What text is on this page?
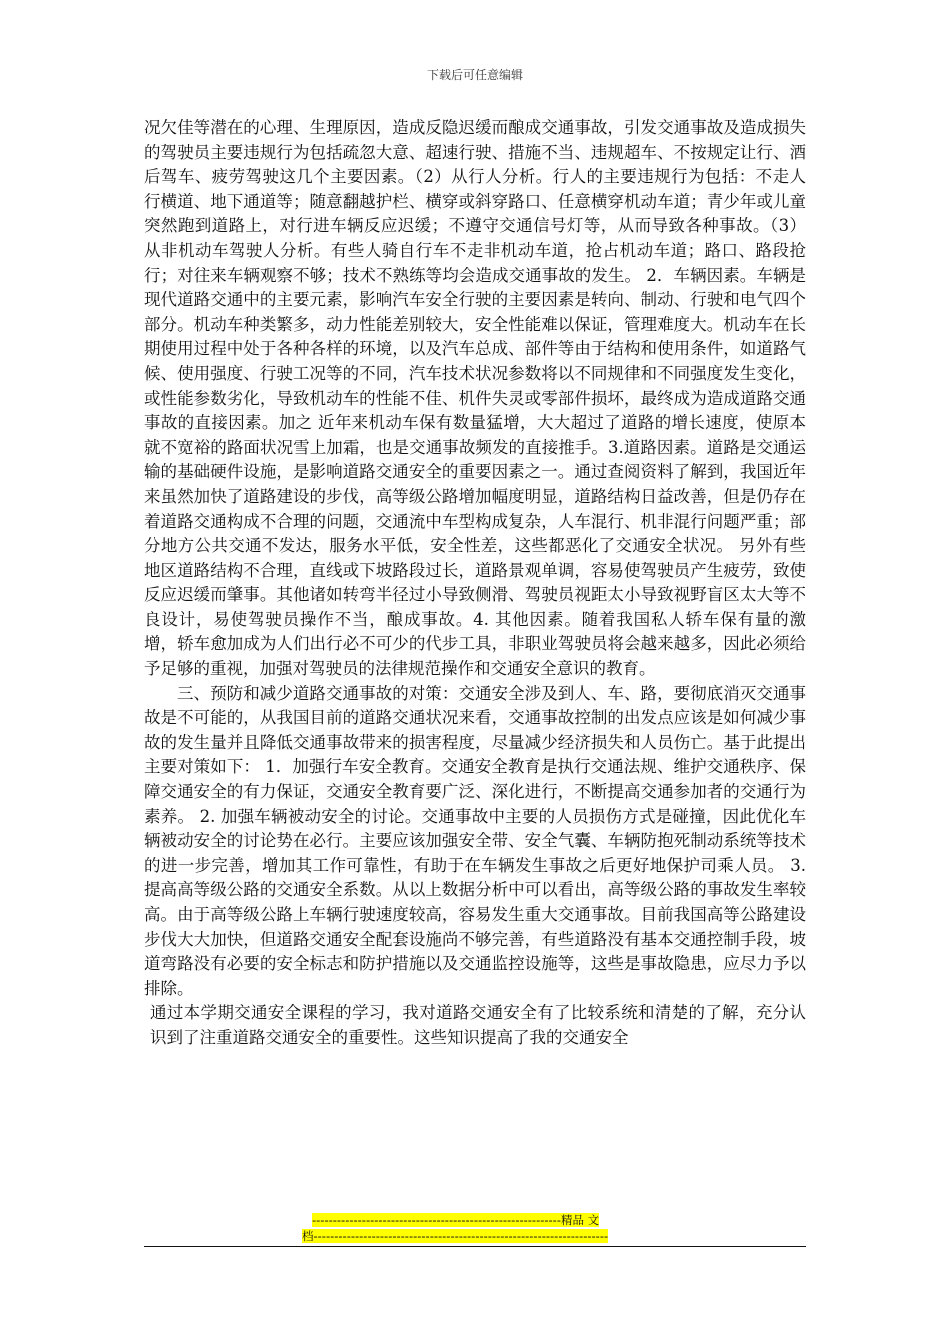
下载后可任意编辑

况欠佳等潜在的心理、生理原因，造成反隐迟缓而酿成交通事故，引发交通事故及造成损失的驾驶员主要违规行为包括疏忽大意、超速行驶、措施不当、违规超车、不按规定让行、酒后驾车、疲劳驾驶这几个主要因素。（2）从行人分析。行人的主要违规行为包括：不走人行横道、地下通道等；随意翻越护栏、横穿或斜穿路口、任意横穿机动车道；青少年或儿童突然跑到道路上，对行进车辆反应迟缓；不遵守交通信号灯等，从而导致各种事故。（3）从非机动车驾驶人分析。有些人骑自行车不走非机动车道，抢占机动车道；路口、路段抢行；对往来车辆观察不够；技术不熟练等均会造成交通事故的发生。 2．车辆因素。车辆是现代道路交通中的主要元素，影响汽车安全行驶的主要因素是转向、制动、行驶和电气四个部分。机动车种类繁多，动力性能差别较大，安全性能难以保证，管理难度大。机动车在长期使用过程中处于各种各样的环境，以及汽车总成、部件等由于结构和使用条件，如道路气候、使用强度、行驶工况等的不同，汽车技术状况参数将以不同规律和不同强度发生变化，或性能参数劣化，导致机动车的性能不佳、机件失灵或零部件损坏，最终成为造成道路交通事故的直接因素。加之 近年来机动车保有数量猛增，大大超过了道路的增长速度，使原本就不宽裕的路面状况雪上加霜，也是交通事故频发的直接推手。3.道路因素。道路是交通运输的基础硬件设施，是影响道路交通安全的重要因素之一。通过查阅资料了解到，我国近年来虽然加快了道路建设的步伐，高等级公路增加幅度明显，道路结构日益改善，但是仍存在着道路交通构成不合理的问题，交通流中车型构成复杂，人车混行、机非混行问题严重；部分地方公共交通不发达，服务水平低，安全性差，这些都恶化了交通安全状况。 另外有些地区道路结构不合理，直线或下坡路段过长，道路景观单调，容易使驾驶员产生疲劳，致使反应迟缓而肇事。其他诸如转弯半径过小导致侧滑、驾驶员视距太小导致视野盲区太大等不良设计，易使驾驶员操作不当，酿成事故。4. 其他因素。随着我国私人轿车保有量的激增，轿车愈加成为人们出行必不可少的代步工具，非职业驾驶员将会越来越多，因此必须给予足够的重视，加强对驾驶员的法律规范操作和交通安全意识的教育。

三、预防和减少道路交通事故的对策：交通安全涉及到人、车、路，要彻底消灭交通事故是不可能的，从我国目前的道路交通状况来看，交通事故控制的出发点应该是如何减少事故的发生量并且降低交通事故带来的损害程度，尽量减少经济损失和人员伤亡。基于此提出主要对策如下： 1．加强行车安全教育。交通安全教育是执行交通法规、维护交通秩序、保障交通安全的有力保证，交通安全教育要广泛、深化进行，不断提高交通参加者的交通行为素养。 2. 加强车辆被动安全的讨论。交通事故中主要的人员损伤方式是碰撞，因此优化车辆被动安全的讨论势在必行。主要应该加强安全带、安全气囊、车辆防抱死制动系统等技术的进一步完善，增加其工作可靠性，有助于在车辆发生事故之后更好地保护司乘人员。 3. 提高高等级公路的交通安全系数。从以上数据分析中可以看出，高等级公路的事故发生率较高。由于高等级公路上车辆行驶速度较高，容易发生重大交通事故。目前我国高等公路建设步伐大大加快，但道路交通安全配套设施尚不够完善，有些道路没有基本交通控制手段，坡道弯路没有必要的安全标志和防护措施以及交通监控设施等，这些是事故隐患，应尽力予以排除。

通过本学期交通安全课程的学习，我对道路交通安全有了比较系统和清楚的了解，充分认识到了注重道路交通安全的重要性。这些知识提高了我的交通安全

------------------------------------------------------------精品 文
档-----------------------------------------------------------------------
